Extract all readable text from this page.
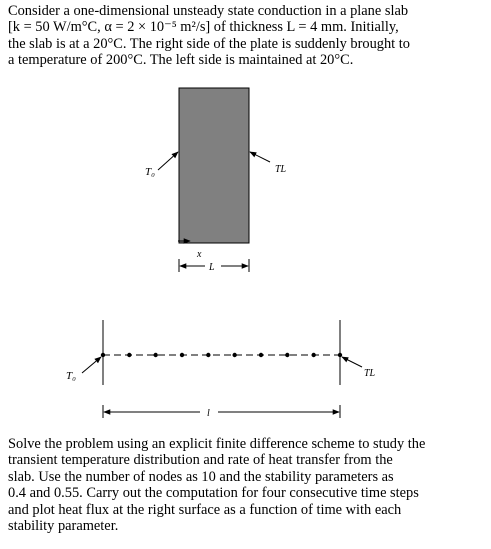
Consider a one-dimensional unsteady state conduction in a plane slab
[k = 50 W/m°C, α = 2 × 10⁻⁵ m²/s] of thickness L = 4 mm. Initially,
the slab is at a 20°C. The right side of the plate is suddenly brought to
a temperature of 200°C. The left side is maintained at 20°C.
T₀	TL
x
L
T₀	TL
l
Solve the problem using an explicit finite difference scheme to study the
transient temperature distribution and rate of heat transfer from the
slab. Use the number of nodes as 10 and the stability parameters as
0.4 and 0.55. Carry out the computation for four consecutive time steps
and plot heat flux at the right surface as a function of time with each
stability parameter.
